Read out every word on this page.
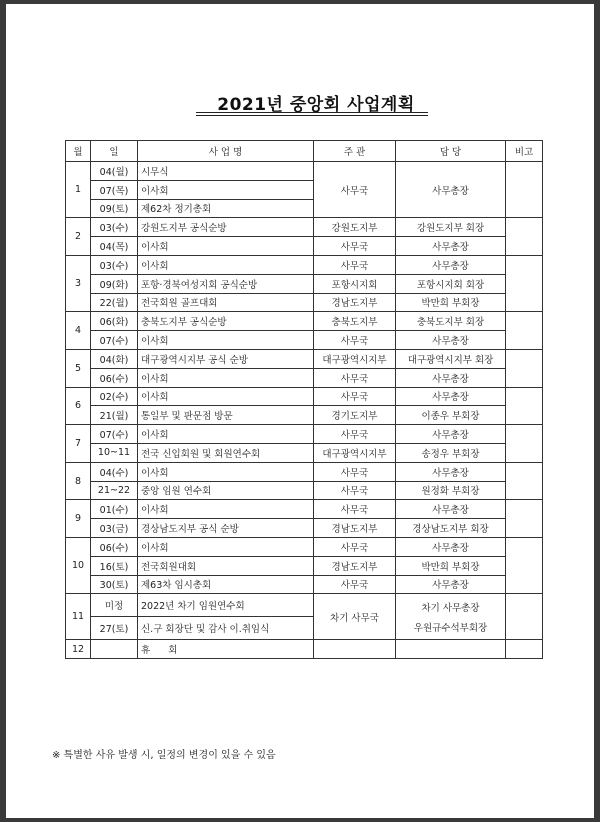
2021년 중앙회 사업계획
월	일	사 업 명	주 관	담 당	비고
1	04(월)	시무식	사무국	사무총장	
	07(목)	이사회			
	09(토)	제62차 정기총회			
2	03(수)	강원도지부 공식순방	강원도지부	강원도지부 회장	
	04(목)	이사회	사무국	사무총장	
3	03(수)	이사회	사무국	사무총장	
	09(화)	포항·경북여성지회 공식순방	포항시지회	포항시지회 회장	
	22(월)	전국회원 골프대회	경남도지부	박만희 부회장	
4	06(화)	충북도지부 공식순방	충북도지부	충북도지부 회장	
	07(수)	이사회	사무국	사무총장	
5	04(화)	대구광역시지부 공식 순방	대구광역시지부	대구광역시지부 회장	
	06(수)	이사회	사무국	사무총장	
6	02(수)	이사회	사무국	사무총장	
	21(월)	통일부 및 판문점 방문	경기도지부	이종우 부회장	
7	07(수)	이사회	사무국	사무총장	
	10~11	전국 신입회원 및 회원연수회	대구광역시지부	송정우 부회장	
8	04(수)	이사회	사무국	사무총장	
	21~22	중앙 임원 연수회	사무국	원정화 부회장	
9	01(수)	이사회	사무국	사무총장	
	03(금)	경상남도지부 공식 순방	경남도지부	경상남도지부 회장	
10	06(수)	이사회	사무국	사무총장	
	16(토)	전국회원대회	경남도지부	박만희 부회장	
	30(토)	제63차 임시총회	사무국	사무총장	
11	미정	2022년 차기 임원연수회	차기 사무국	차기 사무총장
우원규수석부회장	

	27(토)	신.구 회장단 및 감사 이.취임식			
12		휴      회			
※ 특별한 사유 발생 시, 일정의 변경이 있을 수 있음
